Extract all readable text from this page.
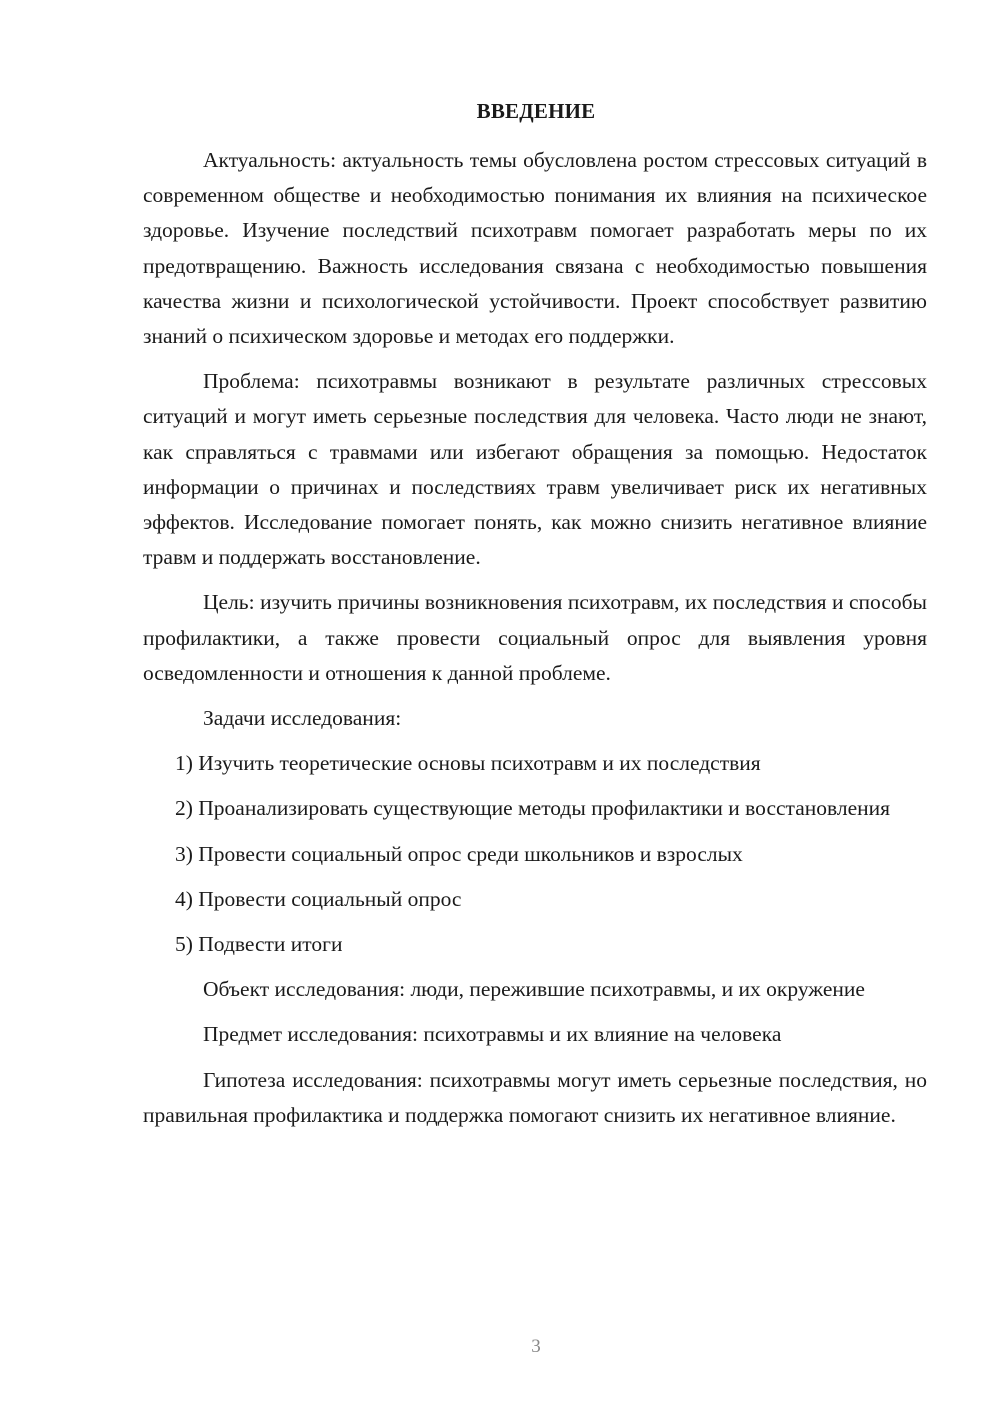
ВВЕДЕНИЕ

Актуальность: актуальность темы обусловлена ростом стрессовых ситуаций в современном обществе и необходимостью понимания их влияния на психическое здоровье. Изучение последствий психотравм помогает разработать меры по их предотвращению. Важность исследования связана с необходимостью повышения качества жизни и психологической устойчивости. Проект способствует развитию знаний о психическом здоровье и методах его поддержки.

Проблема: психотравмы возникают в результате различных стрессовых ситуаций и могут иметь серьезные последствия для человека. Часто люди не знают, как справляться с травмами или избегают обращения за помощью. Недостаток информации о причинах и последствиях травм увеличивает риск их негативных эффектов. Исследование помогает понять, как можно снизить негативное влияние травм и поддержать восстановление.

Цель: изучить причины возникновения психотравм, их последствия и способы профилактики, а также провести социальный опрос для выявления уровня осведомленности и отношения к данной проблеме.

Задачи исследования:

1) Изучить теоретические основы психотравм и их последствия

2) Проанализировать существующие методы профилактики и восстановления

3) Провести социальный опрос среди школьников и взрослых

4) Провести социальный опрос

5) Подвести итоги

Объект исследования: люди, пережившие психотравмы, и их окружение

Предмет исследования: психотравмы и их влияние на человека

Гипотеза исследования: психотравмы могут иметь серьезные последствия, но правильная профилактика и поддержка помогают снизить их негативное влияние.

3
